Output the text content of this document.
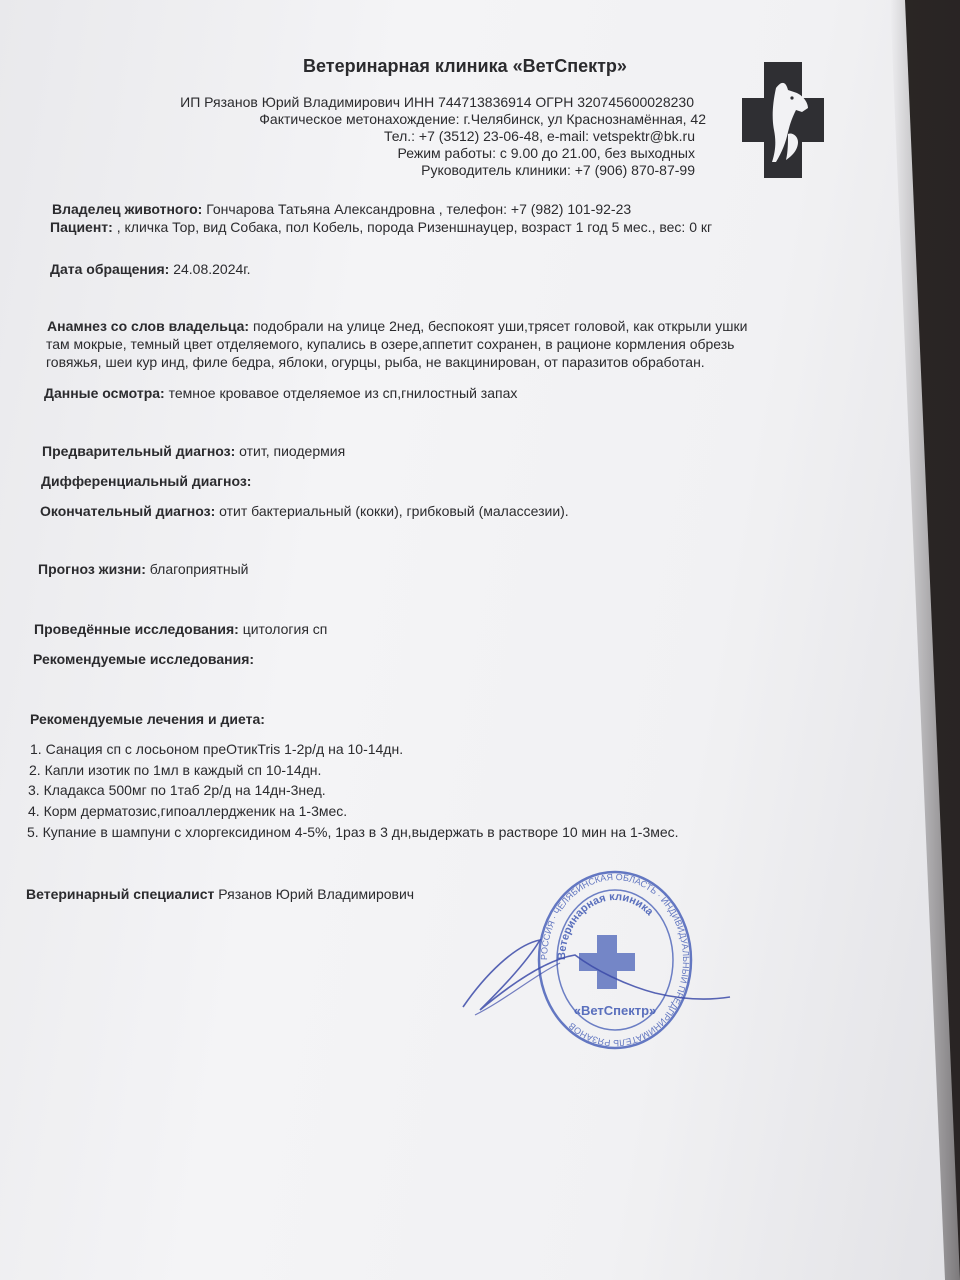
Ветеринарная клиника «ВетСпектр»
ИП Рязанов Юрий Владимирович ИНН 744713836914 ОГРН 320745600028230
Фактическое метонахождение: г.Челябинск, ул Краснознамённая, 42
Тел.: +7 (3512) 23-06-48, e-mail: vetspektr@bk.ru
Режим работы: с 9.00 до 21.00, без выходных
Руководитель клиники: +7 (906) 870-87-99
Владелец животного: Гончарова Татьяна Александровна , телефон: +7 (982) 101-92-23
Пациент: , кличка Тор, вид Собака, пол Кобель, порода Ризеншнауцер, возраст 1 год 5 мес., вес: 0 кг
Дата обращения: 24.08.2024г.
Анамнез со слов владельца: подобрали на улице 2нед, беспокоят уши,трясет головой, как открыли ушки
там мокрые, темный цвет отделяемого, купались в озере,аппетит сохранен, в рационе кормления обрезь
говяжья, шеи кур инд, филе бедра, яблоки, огурцы, рыба, не вакцинирован, от паразитов обработан.
Данные осмотра: темное кровавое отделяемое из сп,гнилостный запах
Предварительный диагноз: отит, пиодермия
Дифференциальный диагноз:
Окончательный диагноз: отит бактериальный (кокки), грибковый (малассезии).
Прогноз жизни: благоприятный
Проведённые исследования: цитология сп
Рекомендуемые исследования:
Рекомендуемые лечения и диета:
1. Санация сп с лосьоном преОтикTris 1-2р/д на 10-14дн.
2. Капли изотик по 1мл в каждый сп 10-14дн.
3. Кладакса 500мг по 1таб 2р/д на 14дн-3нед.
4. Корм дерматозис,гипоаллердженик на 1-3мес.
5. Купание в шампуни с хлоргексидином 4-5%, 1раз в 3 дн,выдержать в растворе 10 мин на 1-3мес.
Ветеринарный специалист Рязанов Юрий Владимирович
РОССИЯ · ЧЕЛЯБИНСКАЯ ОБЛАСТЬ · ИНДИВИДУАЛЬНЫЙ ПРЕДПРИНИМАТЕЛЬ РЯЗАНОВ
Ветеринарная клиника
«ВетСпектр»
